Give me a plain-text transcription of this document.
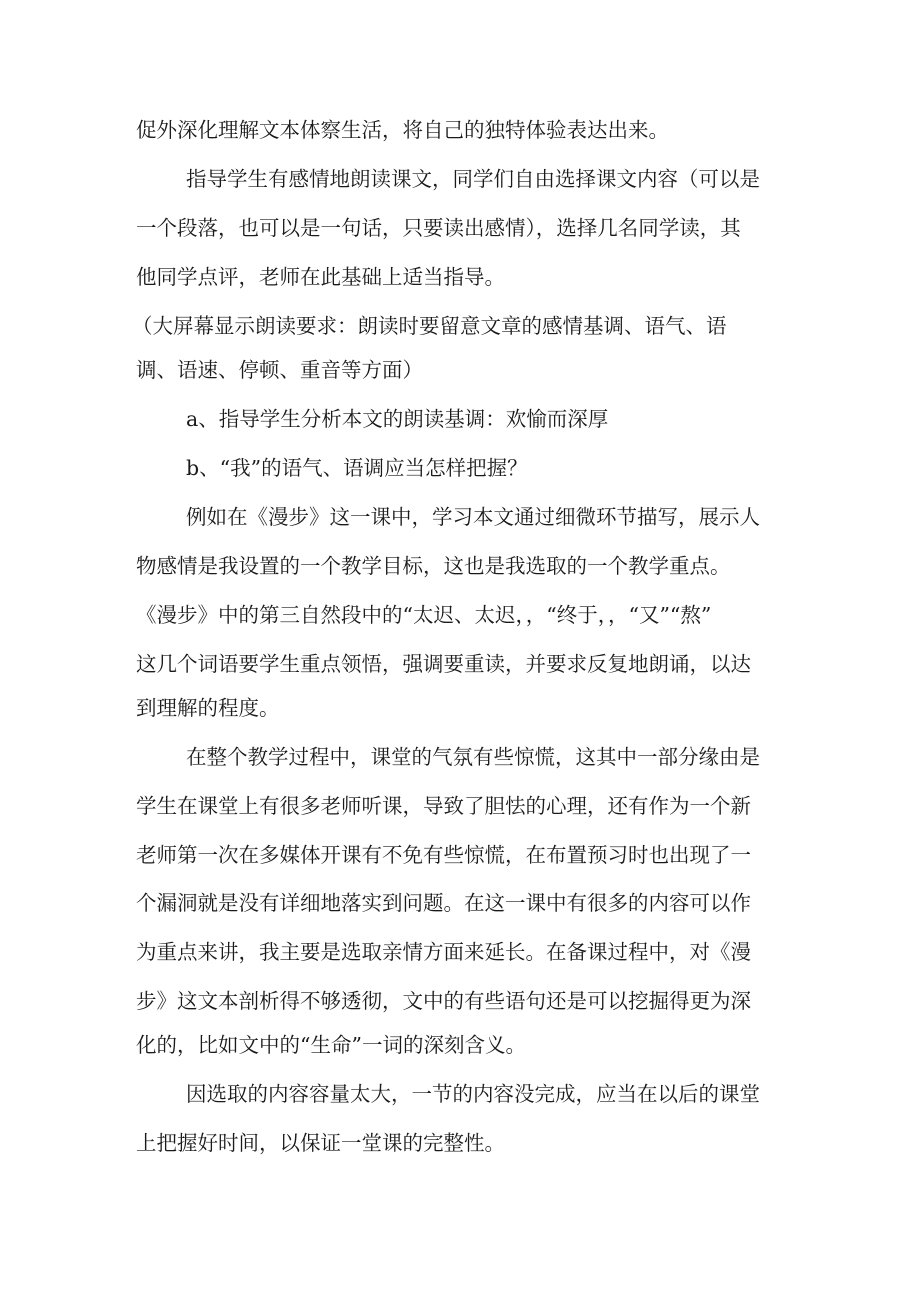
促外深化理解文本体察生活，将自己的独特体验表达出来。
指导学生有感情地朗读课文，同学们自由选择课文内容（可以是
一个段落，也可以是一句话，只要读出感情），选择几名同学读，其
他同学点评，老师在此基础上适当指导。
（大屏幕显示朗读要求：朗读时要留意文章的感情基调、语气、语
调、语速、停顿、重音等方面）
a、指导学生分析本文的朗读基调：欢愉而深厚
b、“我”的语气、语调应当怎样把握？
例如在《漫步》这一课中，学习本文通过细微环节描写，展示人
物感情是我设置的一个教学目标，这也是我选取的一个教学重点。
《漫步》中的第三自然段中的“太迟、太迟，，“终于，，“又”“熬”
这几个词语要学生重点领悟，强调要重读，并要求反复地朗诵，以达
到理解的程度。
在整个教学过程中，课堂的气氛有些惊慌，这其中一部分缘由是
学生在课堂上有很多老师听课，导致了胆怯的心理，还有作为一个新
老师第一次在多媒体开课有不免有些惊慌，在布置预习时也出现了一
个漏洞就是没有详细地落实到问题。在这一课中有很多的内容可以作
为重点来讲，我主要是选取亲情方面来延长。在备课过程中，对《漫
步》这文本剖析得不够透彻，文中的有些语句还是可以挖掘得更为深
化的，比如文中的“生命”一词的深刻含义。
因选取的内容容量太大，一节的内容没完成，应当在以后的课堂
上把握好时间，以保证一堂课的完整性。
